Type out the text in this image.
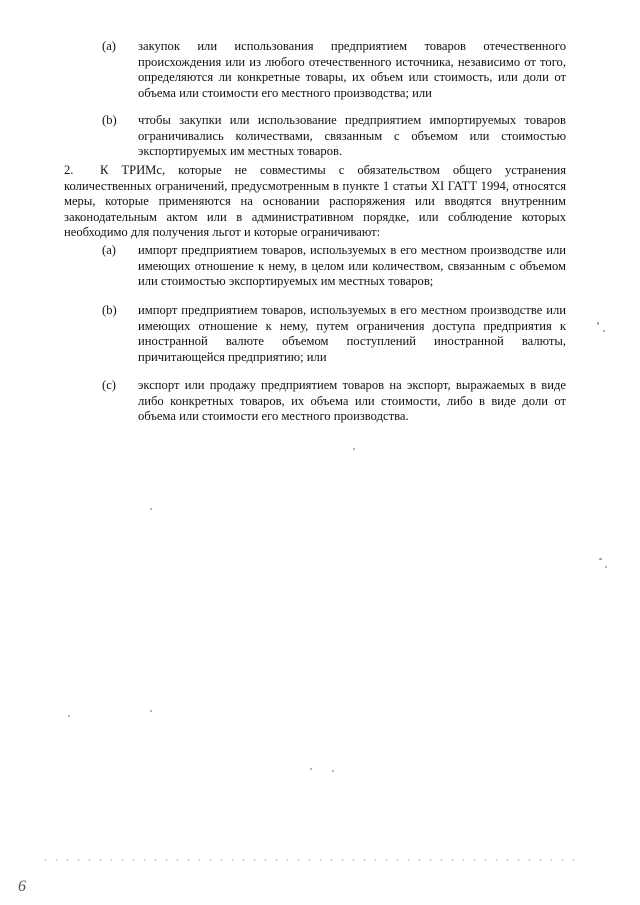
(a)	закупок или использования предприятием товаров отечественного происхождения или из любого отечественного источника, независимо от того, определяются ли конкретные товары, их объем или стоимость, или доли от объема или стоимости его местного производства; или
(b)	чтобы закупки или использование предприятием импортируемых товаров ограничивались количествами, связанным с объемом или стоимостью экспортируемых им местных товаров.
2. К ТРИМс, которые не совместимы с обязательством общего устранения количественных ограничений, предусмотренным в пункте 1 статьи XI ГАТТ 1994, относятся меры, которые применяются на основании распоряжения или вводятся внутренним законодательным актом или в административном порядке, или соблюдение которых необходимо для получения льгот и которые ограничивают:
(a)	импорт предприятием товаров, используемых в его местном производстве или имеющих отношение к нему, в целом или количеством, связанным с объемом или стоимостью экспортируемых им местных товаров;
(b)	импорт предприятием товаров, используемых в его местном производстве или имеющих отношение к нему, путем ограничения доступа предприятия к иностранной валюте объемом поступлений иностранной валюты, причитающейся предприятию; или
(c)	экспорт или продажу предприятием товаров на экспорт, выражаемых в виде либо конкретных товаров, их объема или стоимости, либо в виде доли от объема или стоимости его местного производства.
6
